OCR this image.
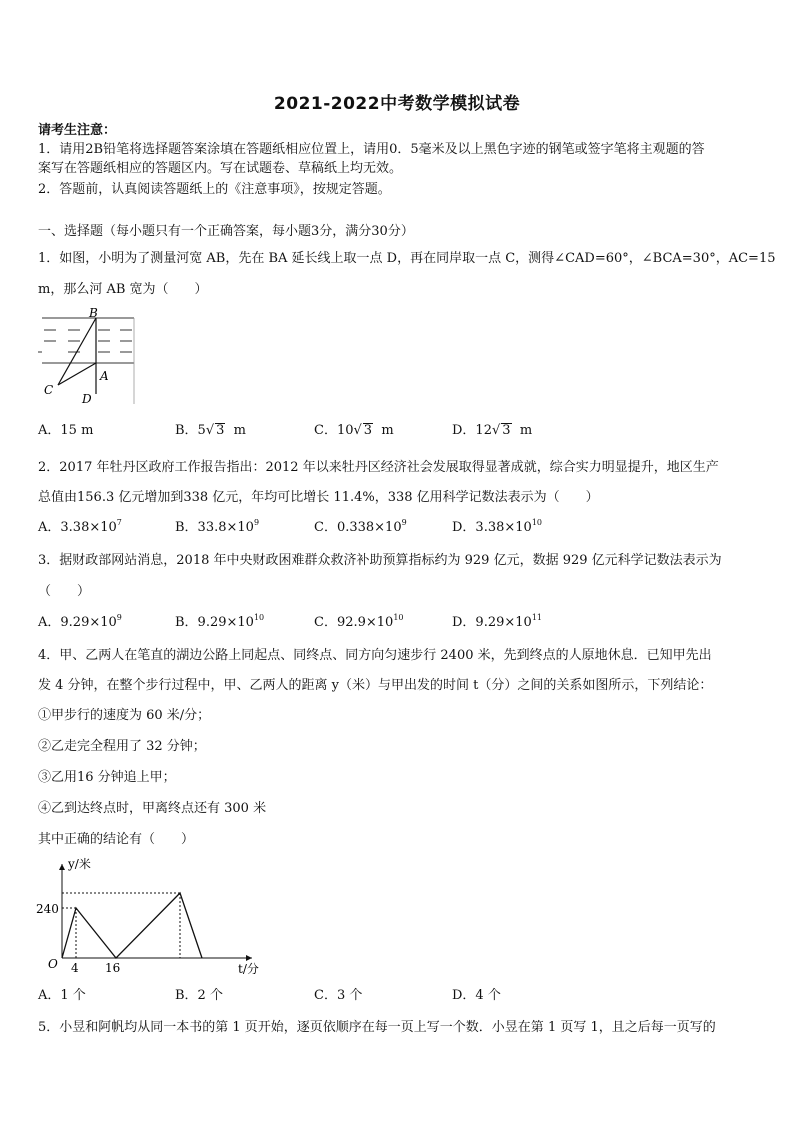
2021-2022中考数学模拟试卷
请考生注意：
1．请用2B铅笔将选择题答案涂填在答题纸相应位置上，请用0．5毫米及以上黑色字迹的钢笔或签字笔将主观题的答
案写在答题纸相应的答题区内。写在试题卷、草稿纸上均无效。
2．答题前，认真阅读答题纸上的《注意事项》，按规定答题。
一、选择题（每小题只有一个正确答案，每小题3分，满分30分）
1．如图，小明为了测量河宽 AB，先在 BA 延长线上取一点 D，再在同岸取一点 C，测得∠CAD=60°，∠BCA=30°，AC=15
m，那么河 AB 宽为（　　）
B
A
C
D
A．15 m	B．5√ 3 m	C．10√ 3 m	D．12√ 3 m
2．2017 年牡丹区政府工作报告指出：2012 年以来牡丹区经济社会发展取得显著成就，综合实力明显提升，地区生产
总值由156.3 亿元增加到338 亿元，年均可比增长 11.4%，338 亿用科学记数法表示为（　　）
A．$3.38\times 10^7$	B．$33.8\times 10^9$	C．$0.338\times 10^9$	D．$3.38\times 10^{10}$
3．据财政部网站消息，2018 年中央财政困难群众救济补助预算指标约为 929 亿元，数据 929 亿元科学记数法表示为
（　　）
A．$9.29\times 10^9$	B．$9.29\times 10^{10}$	C．$92.9\times 10^{10}$	D．$9.29\times 10^{11}$
4．甲、乙两人在笔直的湖边公路上同起点、同终点、同方向匀速步行 2400 米，先到终点的人原地休息．已知甲先出
发 4 分钟，在整个步行过程中，甲、乙两人的距离 y（米）与甲出发的时间 t（分）之间的关系如图所示，下列结论：
①甲步行的速度为 60 米/分；
②乙走完全程用了 32 分钟；
③乙用16 分钟追上甲；
④乙到达终点时，甲离终点还有 300 米
其中正确的结论有（　　）
y/米
t/分
240
O 4 16
A．1 个	B．2 个	C．3 个	D．4 个
5．小昱和阿帆均从同一本书的第 1 页开始，逐页依顺序在每一页上写一个数．小昱在第 1 页写 1，且之后每一页写的
